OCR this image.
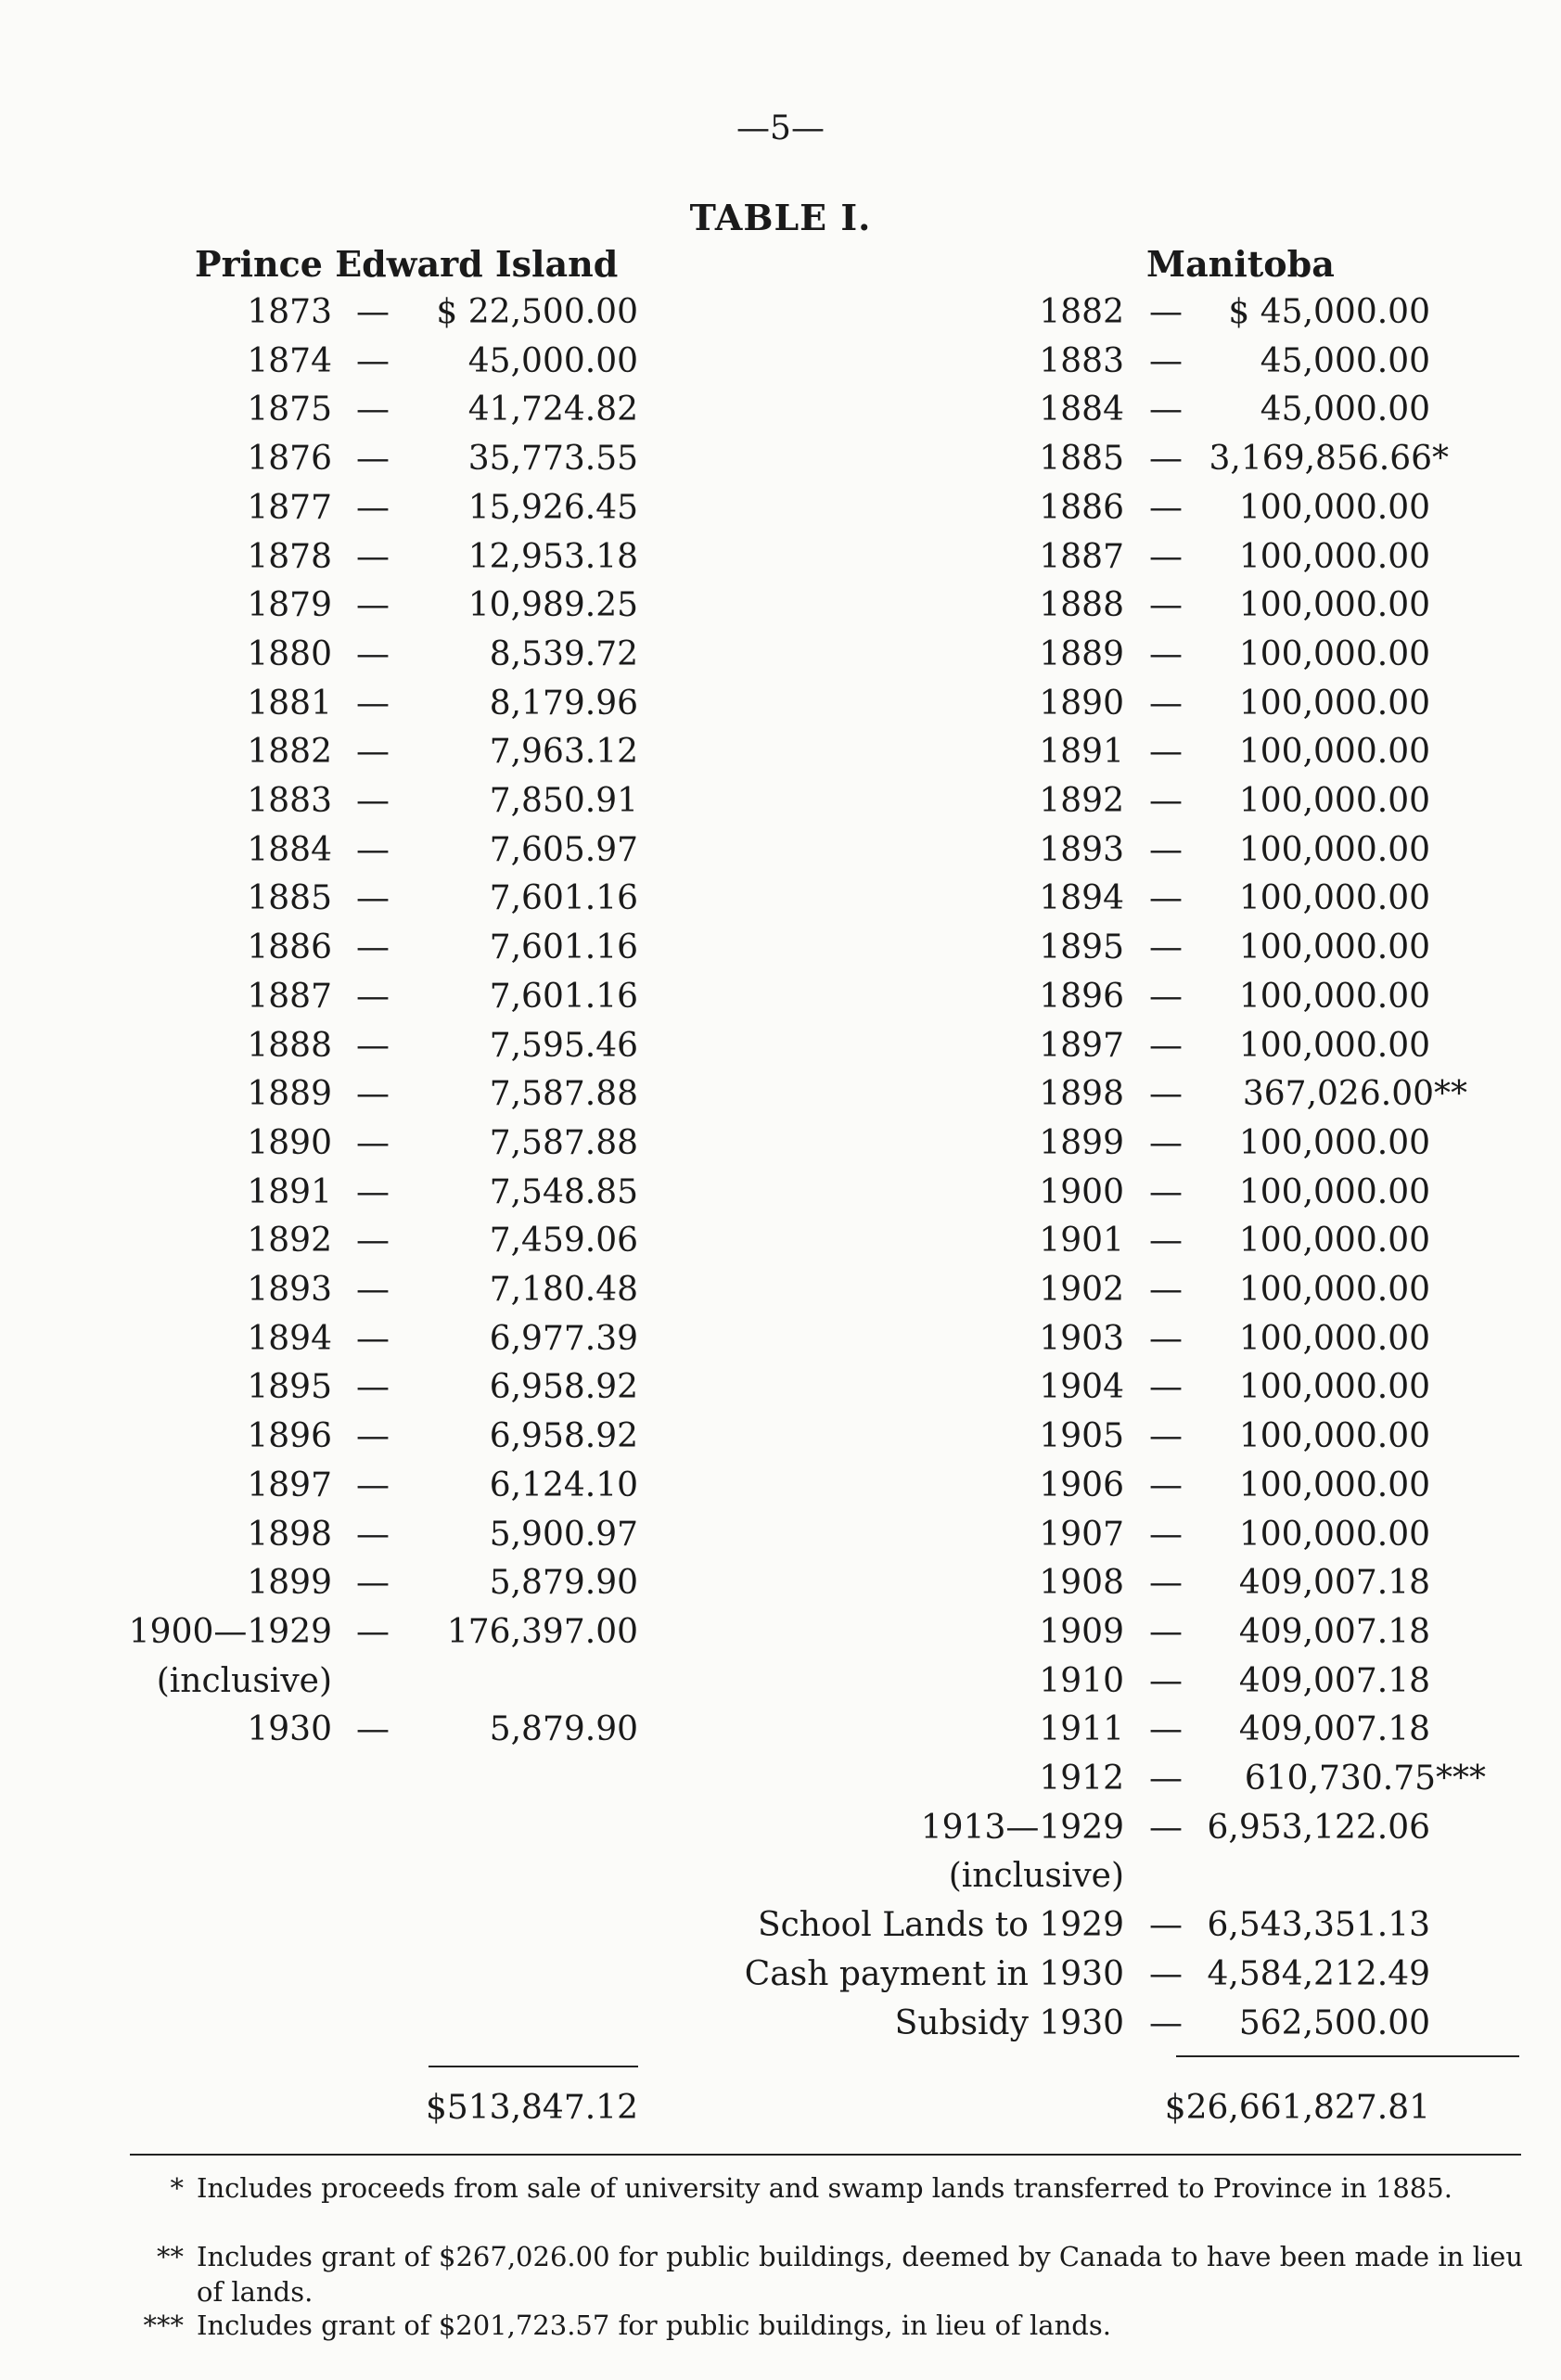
—5—
TABLE I.
Prince Edward Island
1873 —	$ 22,500.00
1874 —	45,000.00
1875 —	41,724.82
1876 —	35,773.55
1877 —	15,926.45
1878 —	12,953.18
1879 —	10,989.25
1880 —	8,539.72
1881 —	8,179.96
1882 —	7,963.12
1883 —	7,850.91
1884 —	7,605.97
1885 —	7,601.16
1886 —	7,601.16
1887 —	7,601.16
1888 —	7,595.46
1889 —	7,587.88
1890 —	7,587.88
1891 —	7,548.85
1892 —	7,459.06
1893 —	7,180.48
1894 —	6,977.39
1895 —	6,958.92
1896 —	6,958.92
1897 —	6,124.10
1898 —	5,900.97
1899 —	5,879.90
1900—1929 —	176,397.00
(inclusive)
1930 —	5,879.90
$513,847.12
Manitoba
1882 —	$ 45,000.00
1883 —	45,000.00
1884 —	45,000.00
1885 — 3,169,856.66*
1886 —	100,000.00
1887 —	100,000.00
1888 —	100,000.00
1889 —	100,000.00
1890 —	100,000.00
1891 —	100,000.00
1892 —	100,000.00
1893 —	100,000.00
1894 —	100,000.00
1895 —	100,000.00
1896 —	100,000.00
1897 —	100,000.00
1898 —	367,026.00**
1899 —	100,000.00
1900 —	100,000.00
1901 —	100,000.00
1902 —	100,000.00
1903 —	100,000.00
1904 —	100,000.00
1905 —	100,000.00
1906 —	100,000.00
1907 —	100,000.00
1908 —	409,007.18
1909 —	409,007.18
1910 —	409,007.18
1911 —	409,007.18
1912 —	610,730.75***
1913—1929 — 6,953,122.06
(inclusive)
School Lands to 1929 — 6,543,351.13
Cash payment in 1930 — 4,584,212.49
Subsidy 1930 —	562,500.00
$26,661,827.81
* Includes proceeds from sale of university and swamp lands transferred to Province in 1885.
** Includes grant of $267,026.00 for public buildings, deemed by Canada to have been made in lieu of lands.
*** Includes grant of $201,723.57 for public buildings, in lieu of lands.
